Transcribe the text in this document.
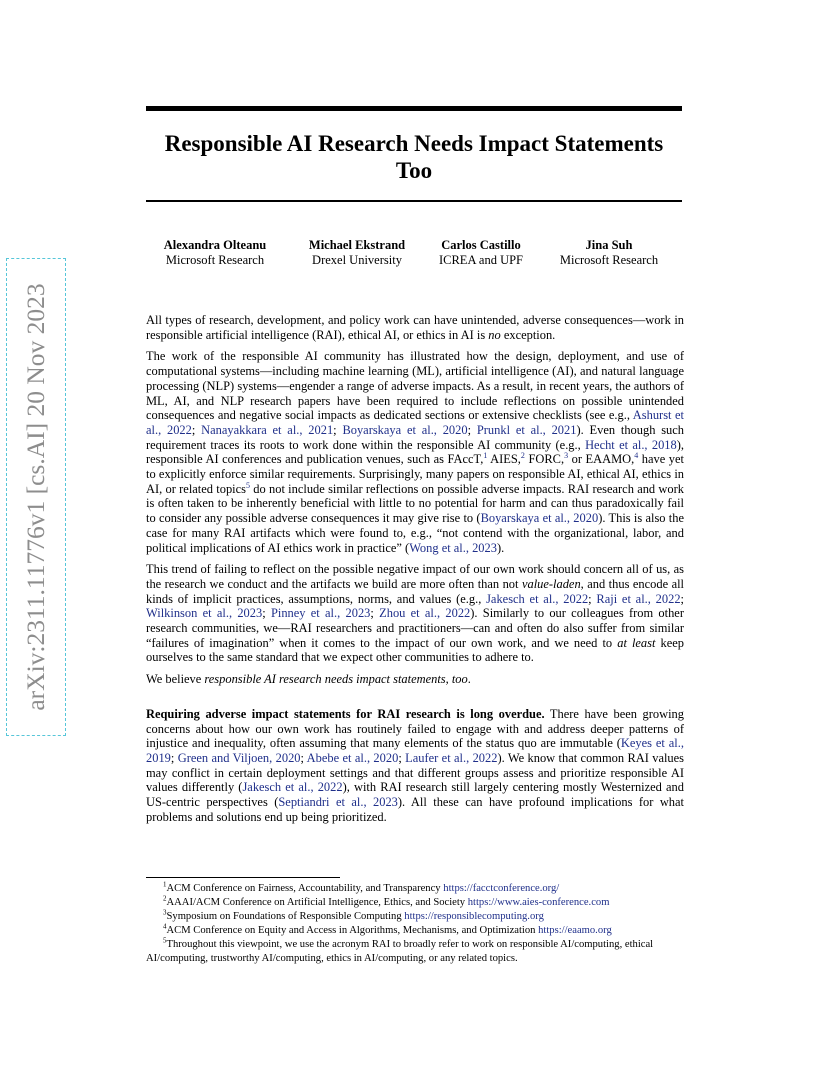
arXiv:2311.11776v1 [cs.AI] 20 Nov 2023
Responsible AI Research Needs Impact Statements Too
Alexandra Olteanu
Microsoft Research
Michael Ekstrand
Drexel University
Carlos Castillo
ICREA and UPF
Jina Suh
Microsoft Research

All types of research, development, and policy work can have unintended, adverse consequences—work in responsible artificial intelligence (RAI), ethical AI, or ethics in AI is no exception.

The work of the responsible AI community has illustrated how the design, deployment, and use of computational systems—including machine learning (ML), artificial intelligence (AI), and natural language processing (NLP) systems—engender a range of adverse impacts. As a result, in recent years, the authors of ML, AI, and NLP research papers have been required to include reflections on possible unintended consequences and negative social impacts as dedicated sections or extensive checklists (see e.g., Ashurst et al., 2022; Nanayakkara et al., 2021; Boyarskaya et al., 2020; Prunkl et al., 2021). Even though such requirement traces its roots to work done within the responsible AI community (e.g., Hecht et al., 2018), responsible AI conferences and publication venues, such as FAccT,$^1$ AIES,$^2$ FORC,$^3$ or EAAMO,$^4$ have yet to explicitly enforce similar requirements. Surprisingly, many papers on responsible AI, ethical AI, ethics in AI, or related topics$^5$ do not include similar reflections on possible adverse impacts. RAI research and work is often taken to be inherently beneficial with little to no potential for harm and can thus paradoxically fail to consider any possible adverse consequences it may give rise to (Boyarskaya et al., 2020). This is also the case for many RAI artifacts which were found to, e.g., “not contend with the organizational, labor, and political implications of AI ethics work in practice” (Wong et al., 2023).

This trend of failing to reflect on the possible negative impact of our own work should concern all of us, as the research we conduct and the artifacts we build are more often than not value-laden, and thus encode all kinds of implicit practices, assumptions, norms, and values (e.g., Jakesch et al., 2022; Raji et al., 2022; Wilkinson et al., 2023; Pinney et al., 2023; Zhou et al., 2022). Similarly to our colleagues from other research communities, we—RAI researchers and practitioners—can and often do also suffer from similar “failures of imagination” when it comes to the impact of our own work, and we need to at least keep ourselves to the same standard that we expect other communities to adhere to.

We believe responsible AI research needs impact statements, too.

Requiring adverse impact statements for RAI research is long overdue. There have been growing concerns about how our own work has routinely failed to engage with and address deeper patterns of injustice and inequality, often assuming that many elements of the status quo are immutable (Keyes et al., 2019; Green and Viljoen, 2020; Abebe et al., 2020; Laufer et al., 2022). We know that common RAI values may conflict in certain deployment settings and that different groups assess and prioritize responsible AI values differently (Jakesch et al., 2022), with RAI research still largely centering mostly Westernized and US-centric perspectives (Septiandri et al., 2023). All these can have profound implications for what problems and solutions end up being prioritized.

$^1$ACM Conference on Fairness, Accountability, and Transparency https://facctconference.org/

$^2$AAAI/ACM Conference on Artificial Intelligence, Ethics, and Society https://www.aies-conference.com

$^3$Symposium on Foundations of Responsible Computing https://responsiblecomputing.org

$^4$ACM Conference on Equity and Access in Algorithms, Mechanisms, and Optimization https://eaamo.org

$^5$Throughout this viewpoint, we use the acronym RAI to broadly refer to work on responsible AI/computing, ethical AI/computing, trustworthy AI/computing, ethics in AI/computing, or any related topics.
